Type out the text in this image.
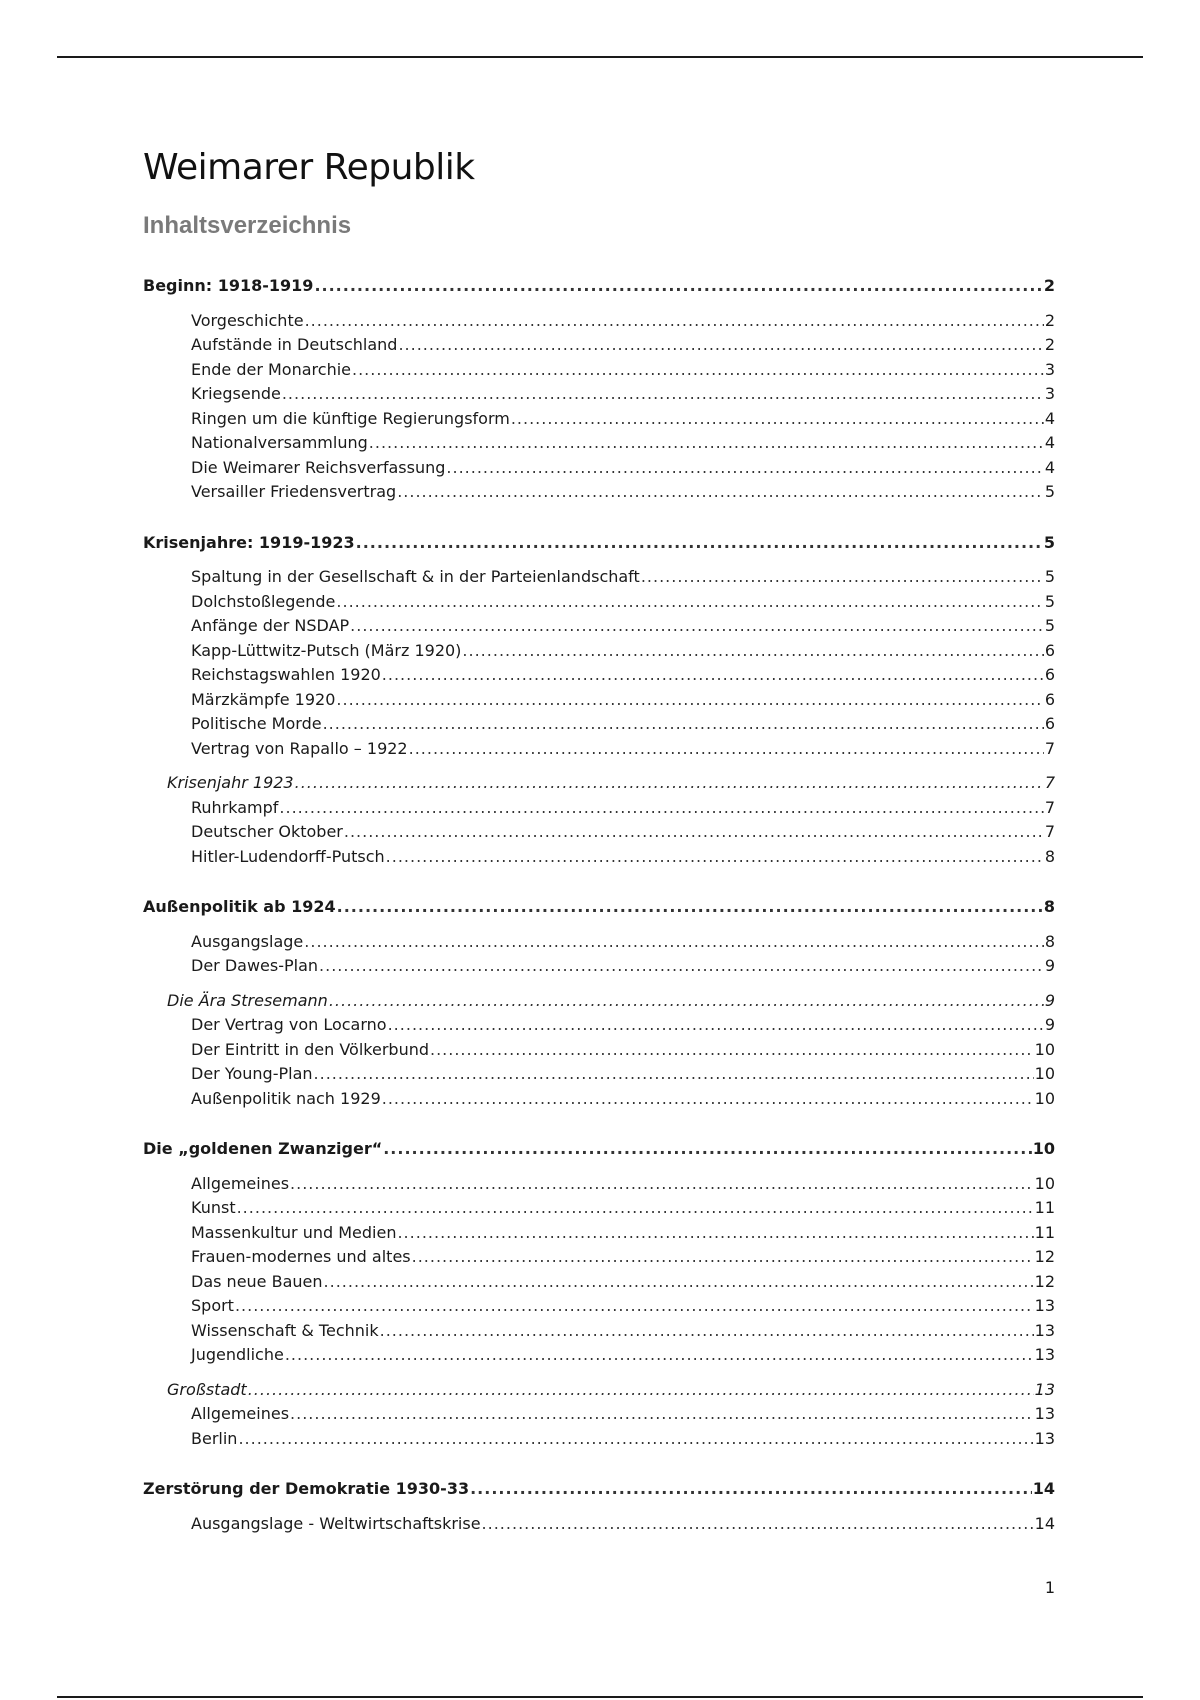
Weimarer Republik
Inhaltsverzeichnis
Beginn: 1918-1919 .....	2
Vorgeschichte .....	2
Aufstände in Deutschland .....	2
Ende der Monarchie .....	3
Kriegsende .....	3
Ringen um die künftige Regierungsform .....	4
Nationalversammlung .....	4
Die Weimarer Reichsverfassung .....	4
Versailler Friedensvertrag .....	5
Krisenjahre: 1919-1923 .....	5
Spaltung in der Gesellschaft & in der Parteienlandschaft .....	5
Dolchstoßlegende .....	5
Anfänge der NSDAP .....	5
Kapp-Lüttwitz-Putsch (März 1920) .....	6
Reichstagswahlen 1920 .....	6
Märzkämpfe 1920 .....	6
Politische Morde .....	6
Vertrag von Rapallo – 1922 .....	7
Krisenjahr 1923 .....	7
Ruhrkampf .....	7
Deutscher Oktober .....	7
Hitler-Ludendorff-Putsch .....	8
Außenpolitik ab 1924 .....	8
Ausgangslage .....	8
Der Dawes-Plan .....	9
Die Ära Stresemann .....	9
Der Vertrag von Locarno .....	9
Der Eintritt in den Völkerbund .....	10
Der Young-Plan .....	10
Außenpolitik nach 1929 .....	10
Die „goldenen Zwanziger“ .....	10
Allgemeines .....	10
Kunst .....	11
Massenkultur und Medien .....	11
Frauen-modernes und altes .....	12
Das neue Bauen .....	12
Sport .....	13
Wissenschaft & Technik .....	13
Jugendliche .....	13
Großstadt .....	13
Allgemeines .....	13
Berlin .....	13
Zerstörung der Demokratie 1930-33 .....	14
Ausgangslage - Weltwirtschaftskrise .....	14
1
